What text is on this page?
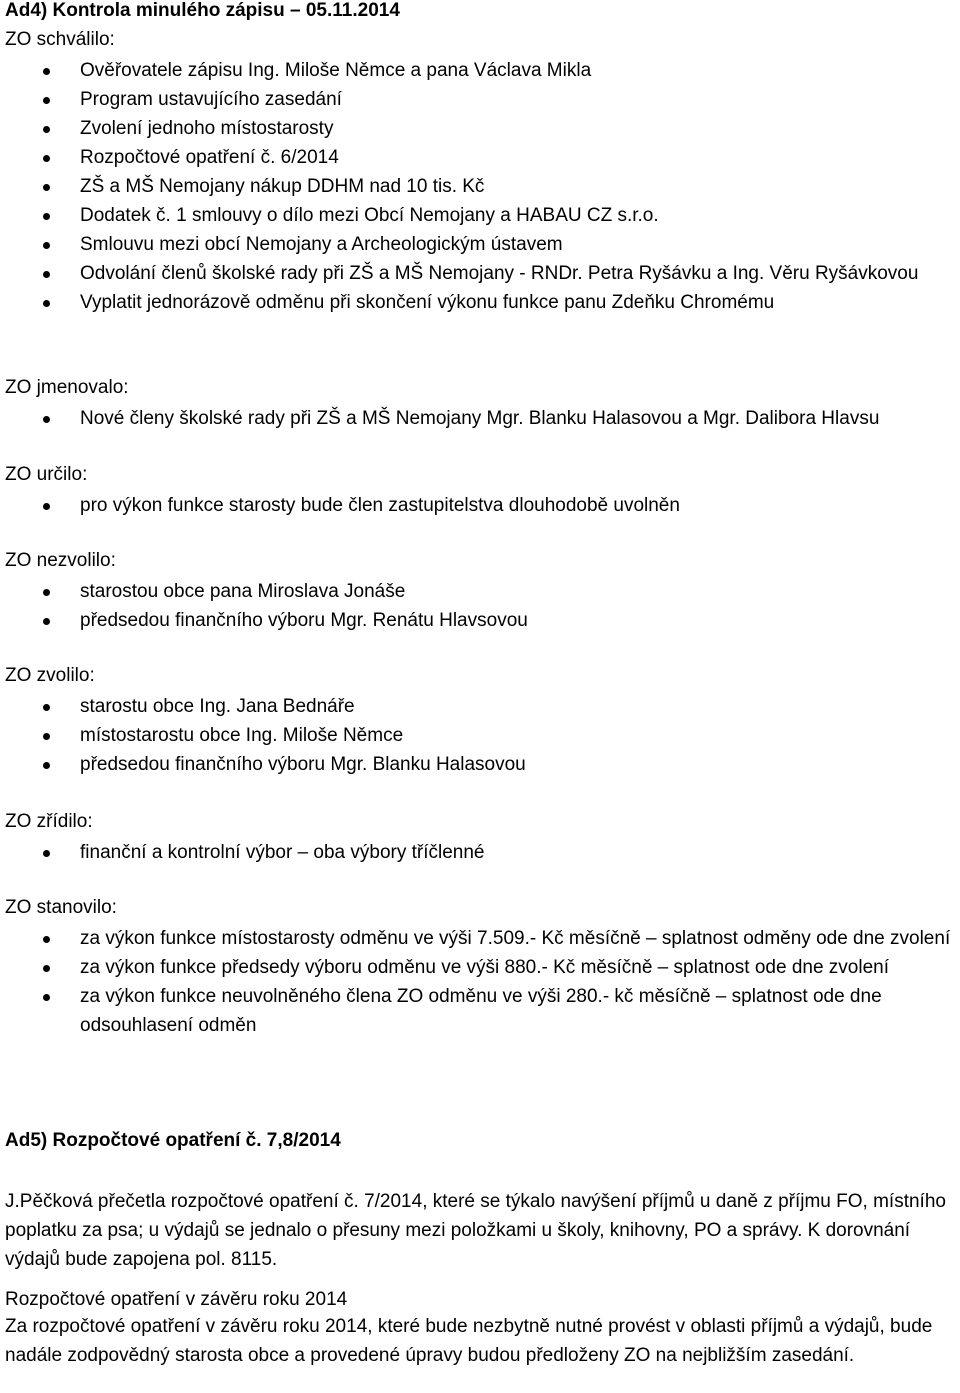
Ad4) Kontrola minulého zápisu – 05.11.2014
ZO schválilo:
Ověřovatele zápisu Ing. Miloše Němce a pana Václava Mikla
Program ustavujícího zasedání
Zvolení jednoho místostarosty
Rozpočtové opatření č. 6/2014
ZŠ a MŠ Nemojany nákup DDHM nad 10 tis. Kč
Dodatek č. 1 smlouvy o dílo mezi Obcí Nemojany a HABAU CZ s.r.o.
Smlouvu mezi obcí Nemojany a Archeologickým ústavem
Odvolání členů školské rady při ZŠ a MŠ Nemojany - RNDr. Petra Ryšávku a Ing. Věru Ryšávkovou
Vyplatit jednorázově odměnu při skončení výkonu funkce panu Zdeňku Chromému
ZO jmenovalo:
Nové členy školské rady při ZŠ a MŠ Nemojany Mgr. Blanku Halasovou a Mgr. Dalibora Hlavsu
ZO určilo:
pro výkon funkce starosty bude člen zastupitelstva dlouhodobě uvolněn
ZO nezvolilo:
starostou obce pana Miroslava Jonáše
předsedou finančního výboru Mgr. Renátu Hlavsovou
ZO zvolilo:
starostu obce Ing. Jana Bednáře
místostarostu obce Ing. Miloše Němce
předsedou finančního výboru Mgr. Blanku Halasovou
ZO zřídilo:
finanční a kontrolní výbor – oba výbory tříčlenné
ZO stanovilo:
za výkon funkce místostarosty odměnu ve výši 7.509.- Kč měsíčně – splatnost odměny ode dne zvolení
za výkon funkce předsedy výboru odměnu ve výši 880.- Kč měsíčně – splatnost ode dne zvolení
za výkon funkce neuvolněného člena ZO odměnu ve výši 280.- kč měsíčně – splatnost ode dne odsouhlasení odměn
Ad5) Rozpočtové opatření č. 7,8/2014
J.Pěčková přečetla rozpočtové opatření č. 7/2014, které se týkalo navýšení příjmů u daně z příjmu FO, místního poplatku za psa; u výdajů se jednalo o přesuny mezi položkami u školy, knihovny, PO a správy. K dorovnání výdajů bude zapojena pol. 8115.
Rozpočtové opatření v závěru roku 2014
Za rozpočtové opatření v závěru roku 2014, které bude nezbytně nutné provést v oblasti příjmů a výdajů, bude nadále zodpovědný starosta obce a provedené úpravy budou předloženy ZO na nejbližším zasedání.
